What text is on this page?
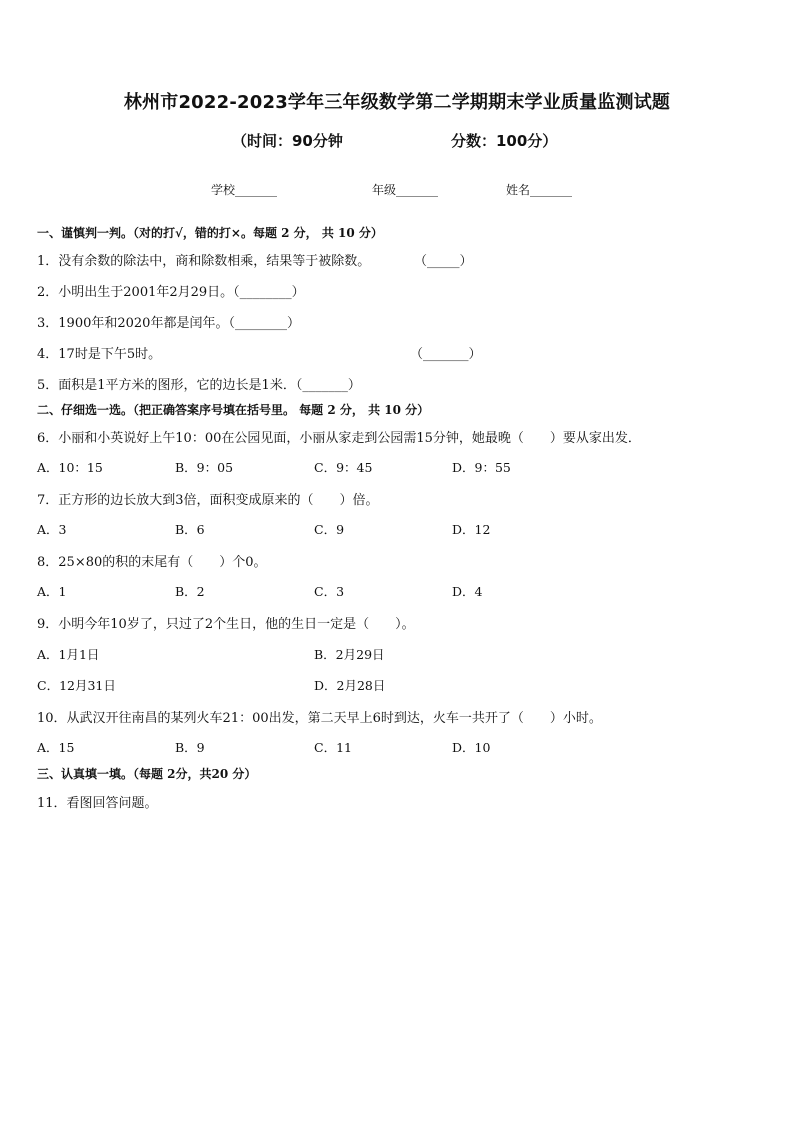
林州市2022-2023学年三年级数学第二学期期末学业质量监测试题
（时间：90分钟	分数：100分）
学校_______	年级_______	姓名_______
一、谨慎判一判。（对的打√，错的打×。每题 2 分， 共 10 分）
1．没有余数的除法中，商和除数相乘，结果等于被除数。	（_____）
2．小明出生于2001年2月29日。（________）
3．1900年和2020年都是闰年。（________）
4．17时是下午5时。	（_______）
5．面积是1平方米的图形，它的边长是1米．（_______）
二、仔细选一选。（把正确答案序号填在括号里。 每题 2 分， 共 10 分）
6．小丽和小英说好上午10：00在公园见面，小丽从家走到公园需15分钟，她最晚（　　）要从家出发．
A．10：15	B．9：05	C．9：45	D．9：55
7．正方形的边长放大到3倍，面积变成原来的（　　）倍。
A．3	B．6	C．9	D．12
8．25×80的积的末尾有（　　）个0。
A．1	B．2	C．3	D．4
9．小明今年10岁了，只过了2个生日，他的生日一定是（　　）。
A．1月1日	B．2月29日
C．12月31日	D．2月28日
10．从武汉开往南昌的某列火车21：00出发，第二天早上6时到达，火车一共开了（　　）小时。
A．15	B．9	C．11	D．10
三、认真填一填。（每题 2分，共20 分）
11．看图回答问题。
